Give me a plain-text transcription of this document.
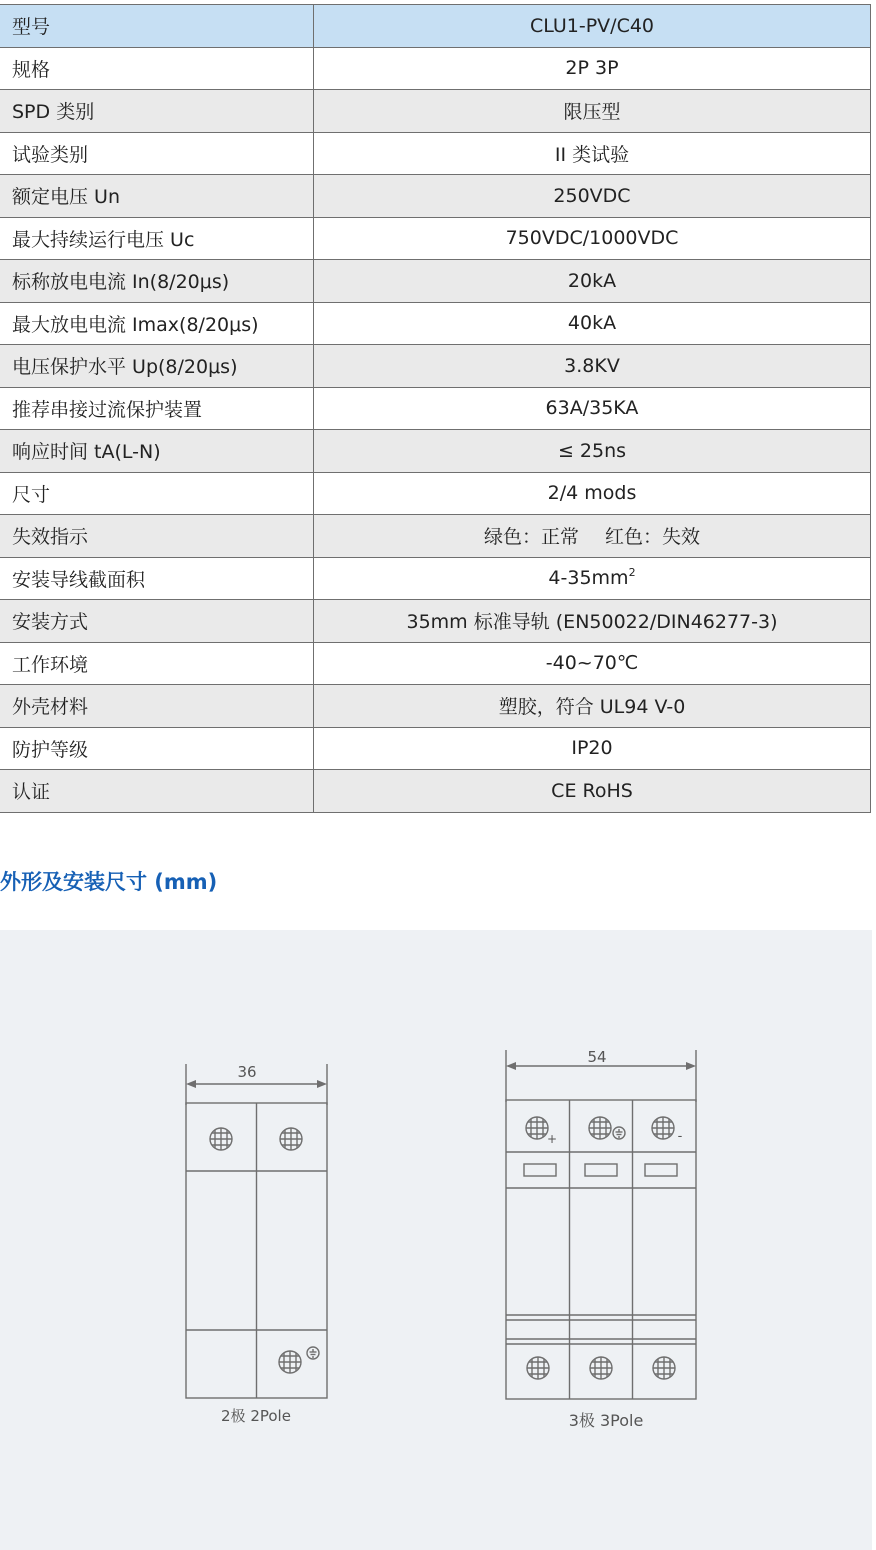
型号	CLU1-PV/C40
规格	2P 3P
SPD 类别	限压型
试验类别	II 类试验
额定电压 Un	250VDC
最大持续运行电压 Uc	750VDC/1000VDC
标称放电电流 In(8/20μs)	20kA
最大放电电流 Imax(8/20μs)	40kA
电压保护水平 Up(8/20μs)	3.8KV
推荐串接过流保护装置	63A/35KA
响应时间 tA(L-N)	≤ 25ns
尺寸	2/4 mods
失效指示	绿色：正常 红色：失效
安装导线截面积	$4-35mm^2$
安装方式	35mm 标准导轨 (EN50022/DIN46277-3)
工作环境	-40~70℃
外壳材料	塑胶，符合 UL94 V-0
防护等级	IP20
认证	CE RoHS
外形及安装尺寸 (mm)
36
2极 2Pole
54
+	-
3极 3Pole
